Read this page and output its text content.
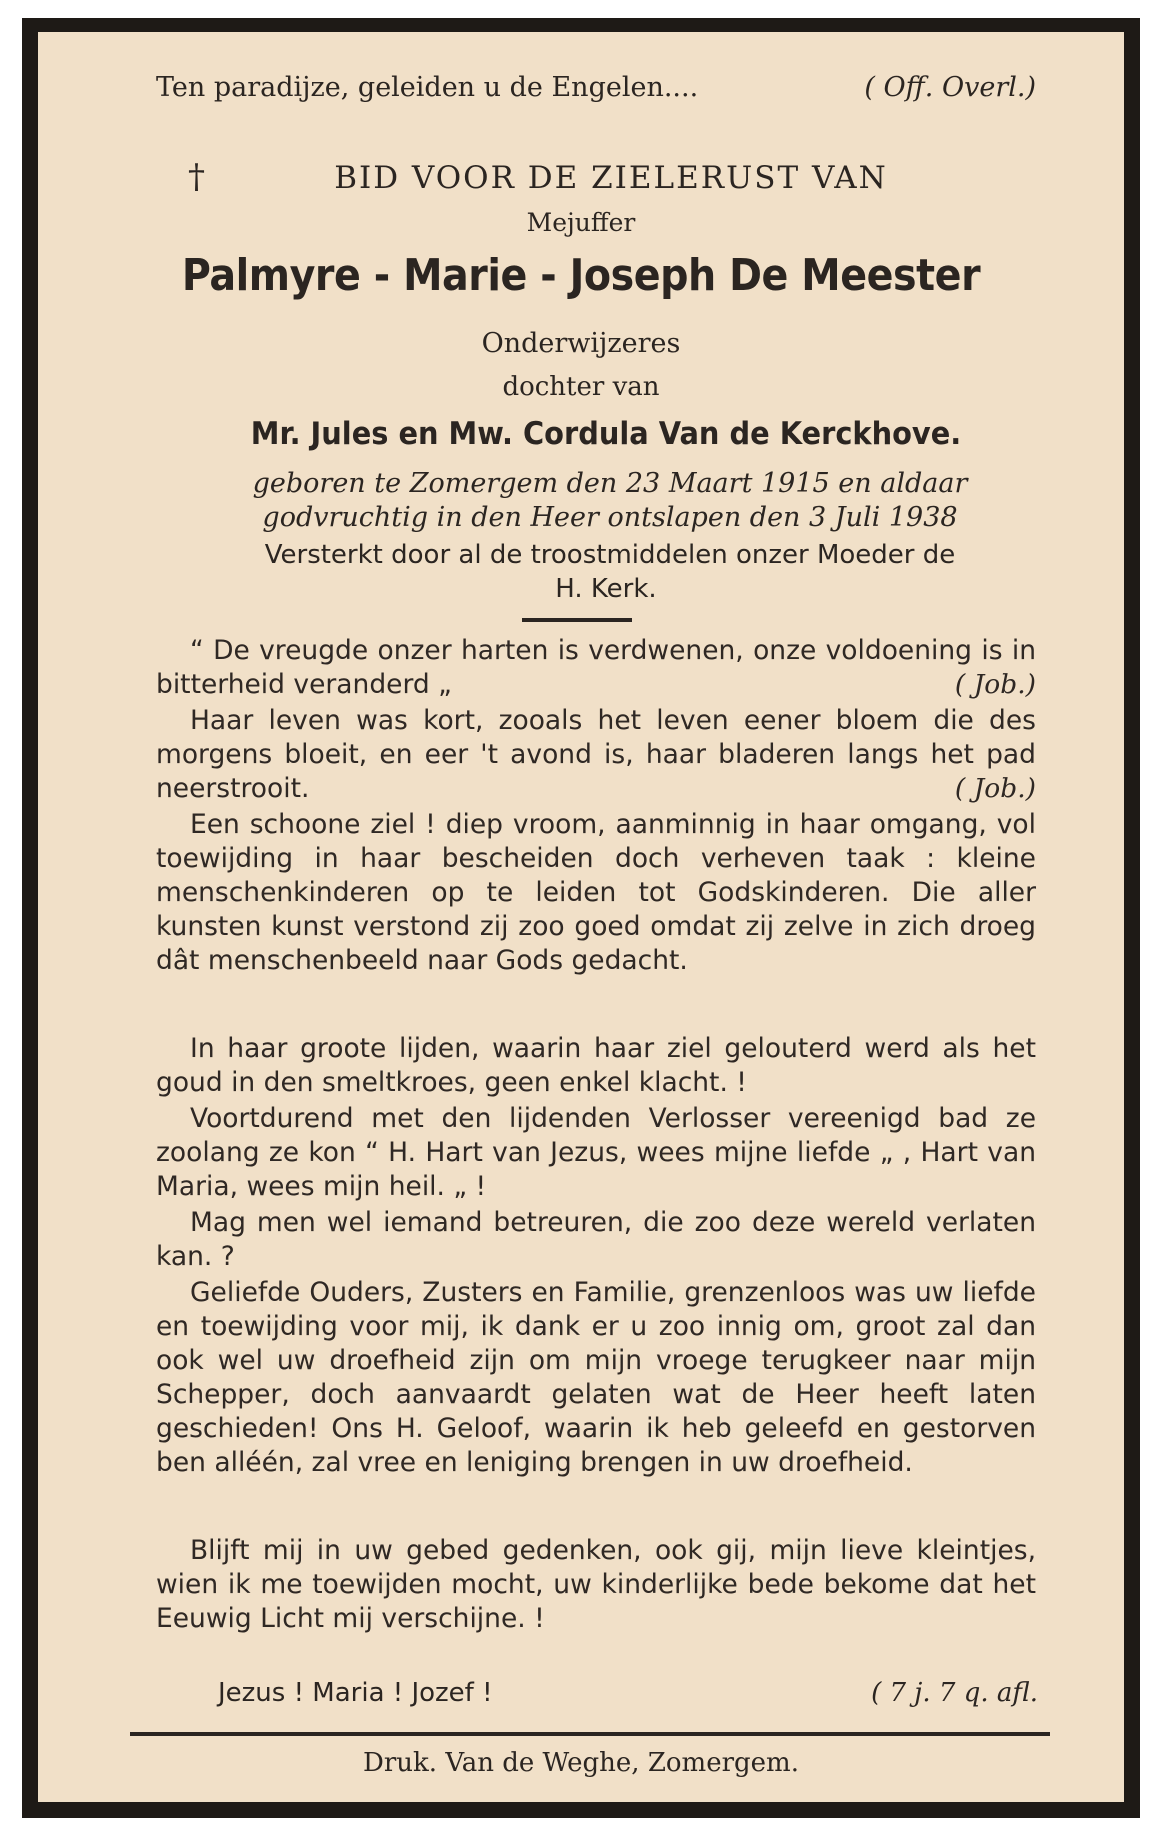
Ten paradijze, geleiden u de Engelen....	( Off. Overl.)
†	BID VOOR DE ZIELERUST VAN
Mejuffer
Palmyre - Marie - Joseph De Meester
Onderwijzeres
dochter van
Mr. Jules en Mw. Cordula Van de Kerckhove.
geboren te Zomergem den 23 Maart 1915 en aldaar
godvruchtig in den Heer ontslapen den 3 Juli 1938
Versterkt door al de troostmiddelen onzer Moeder de
H. Kerk.
“ De vreugde onzer harten is verdwenen, onze voldoening is in bitterheid veranderd „	( Job.)
Haar leven was kort, zooals het leven eener bloem die des morgens bloeit, en eer 't avond is, haar bladeren langs het pad neerstrooit.	( Job.)
Een schoone ziel ! diep vroom, aanminnig in haar omgang, vol toewijding in haar bescheiden doch verheven taak : kleine menschenkinderen op te leiden tot Godskinderen. Die aller kunsten kunst verstond zij zoo goed omdat zij zelve in zich droeg dât menschenbeeld naar Gods gedacht.
In haar groote lijden, waarin haar ziel gelouterd werd als het goud in den smeltkroes, geen enkel klacht. !
Voortdurend met den lijdenden Verlosser vereenigd bad ze zoolang ze kon “ H. Hart van Jezus, wees mijne liefde „ , Hart van Maria, wees mijn heil. „ !
Mag men wel iemand betreuren, die zoo deze wereld verlaten kan. ?
Geliefde Ouders, Zusters en Familie, grenzenloos was uw liefde en toewijding voor mij, ik dank er u zoo innig om, groot zal dan ook wel uw droefheid zijn om mijn vroege terugkeer naar mijn Schepper, doch aanvaardt gelaten wat de Heer heeft laten geschieden! Ons H. Geloof, waarin ik heb geleefd en gestorven ben alléén, zal vree en leniging brengen in uw droefheid.
Blijft mij in uw gebed gedenken, ook gij, mijn lieve kleintjes, wien ik me toewijden mocht, uw kinderlijke bede bekome dat het Eeuwig Licht mij verschijne. !
Jezus ! Maria ! Jozef !	( 7 j. 7 q. afl.
Druk. Van de Weghe, Zomergem.
